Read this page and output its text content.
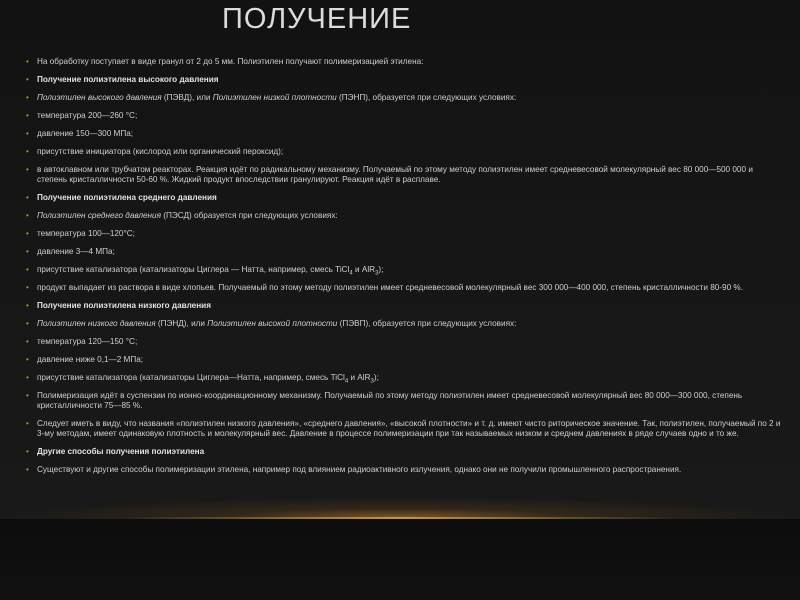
ПОЛУЧЕНИЕ
• На обработку поступает в виде гранул от 2 до 5 мм. Полиэтилен получают полимеризацией этилена:
• Получение полиэтилена высокого давления
• Полиэтилен высокого давления (ПЭВД), или Полиэтилен низкой плотности (ПЭНП), образуется при следующих условиях:
• температура 200—260 °С;
• давление 150—300 МПа;
• присутствие инициатора (кислород или органический пероксид);
• в автоклавном или трубчатом реакторах. Реакция идёт по радикальному механизму. Получаемый по этому методу полиэтилен имеет средневесовой молекулярный вес 80 000—500 000 и степень кристалличности 50-60 %. Жидкий продукт впоследствии гранулируют. Реакция идёт в расплаве.
• Получение полиэтилена среднего давления
• Полиэтилен среднего давления (ПЭСД) образуется при следующих условиях:
• температура 100—120°С;
• давление 3—4 МПа;
• присутствие катализатора (катализаторы Циглера — Натта, например, смесь TiCl$_4$ и AlR$_3$);
• продукт выпадает из раствора в виде хлопьев. Получаемый по этому методу полиэтилен имеет средневесовой молекулярный вес 300 000—400 000, степень кристалличности 80-90 %.
• Получение полиэтилена низкого давления
• Полиэтилен низкого давления (ПЭНД), или Полиэтилен высокой плотности (ПЭВП), образуется при следующих условиях:
• температура 120—150 °С;
• давление ниже 0,1—2 МПа;
• присутствие катализатора (катализаторы Циглера—Натта, например, смесь TiCl$_4$ и AlR$_3$);
• Полимеризация идёт в суспензии по ионно-координационному механизму. Получаемый по этому методу полиэтилен имеет средневесовой молекулярный вес 80 000—300 000, степень кристалличности 75—85 %.
• Следует иметь в виду, что названия «полиэтилен низкого давления», «среднего давления», «высокой плотности» и т. д. имеют чисто риторическое значение. Так, полиэтилен, получаемый по 2 и 3-му методам, имеет одинаковую плотность и молекулярный вес. Давление в процессе полимеризации при так называемых низком и среднем давлениях в ряде случаев одно и то же.
• Другие способы получения полиэтилена
• Существуют и другие способы полимеризации этилена, например под влиянием радиоактивного излучения, однако они не получили промышленного распространения.
